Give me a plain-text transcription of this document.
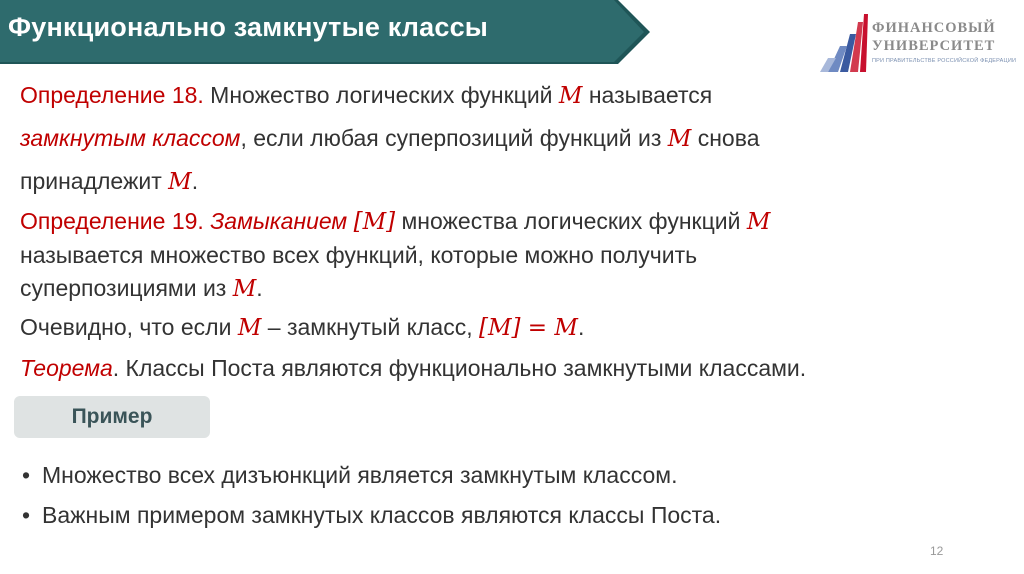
Функционально замкнутые классы	ФИНАНСОВЫЙ
УНИВЕРСИТЕТ
ПРИ ПРАВИТЕЛЬСТВЕ РОССИЙСКОЙ ФЕДЕРАЦИИ
Определение 18. Множество логических функций M называется
замкнутым классом, если любая суперпозиций функций из M снова
принадлежит M.
Определение 19. Замыканием [M] множества логических функций M
называется множество всех функций, которые можно получить
суперпозициями из M.
Очевидно, что если M – замкнутый класс, [M] = M.
Теорема. Классы Поста являются функционально замкнутыми классами.
Пример
• Множество всех дизъюнкций является замкнутым классом.
• Важным примером замкнутых классов являются классы Поста.
12
